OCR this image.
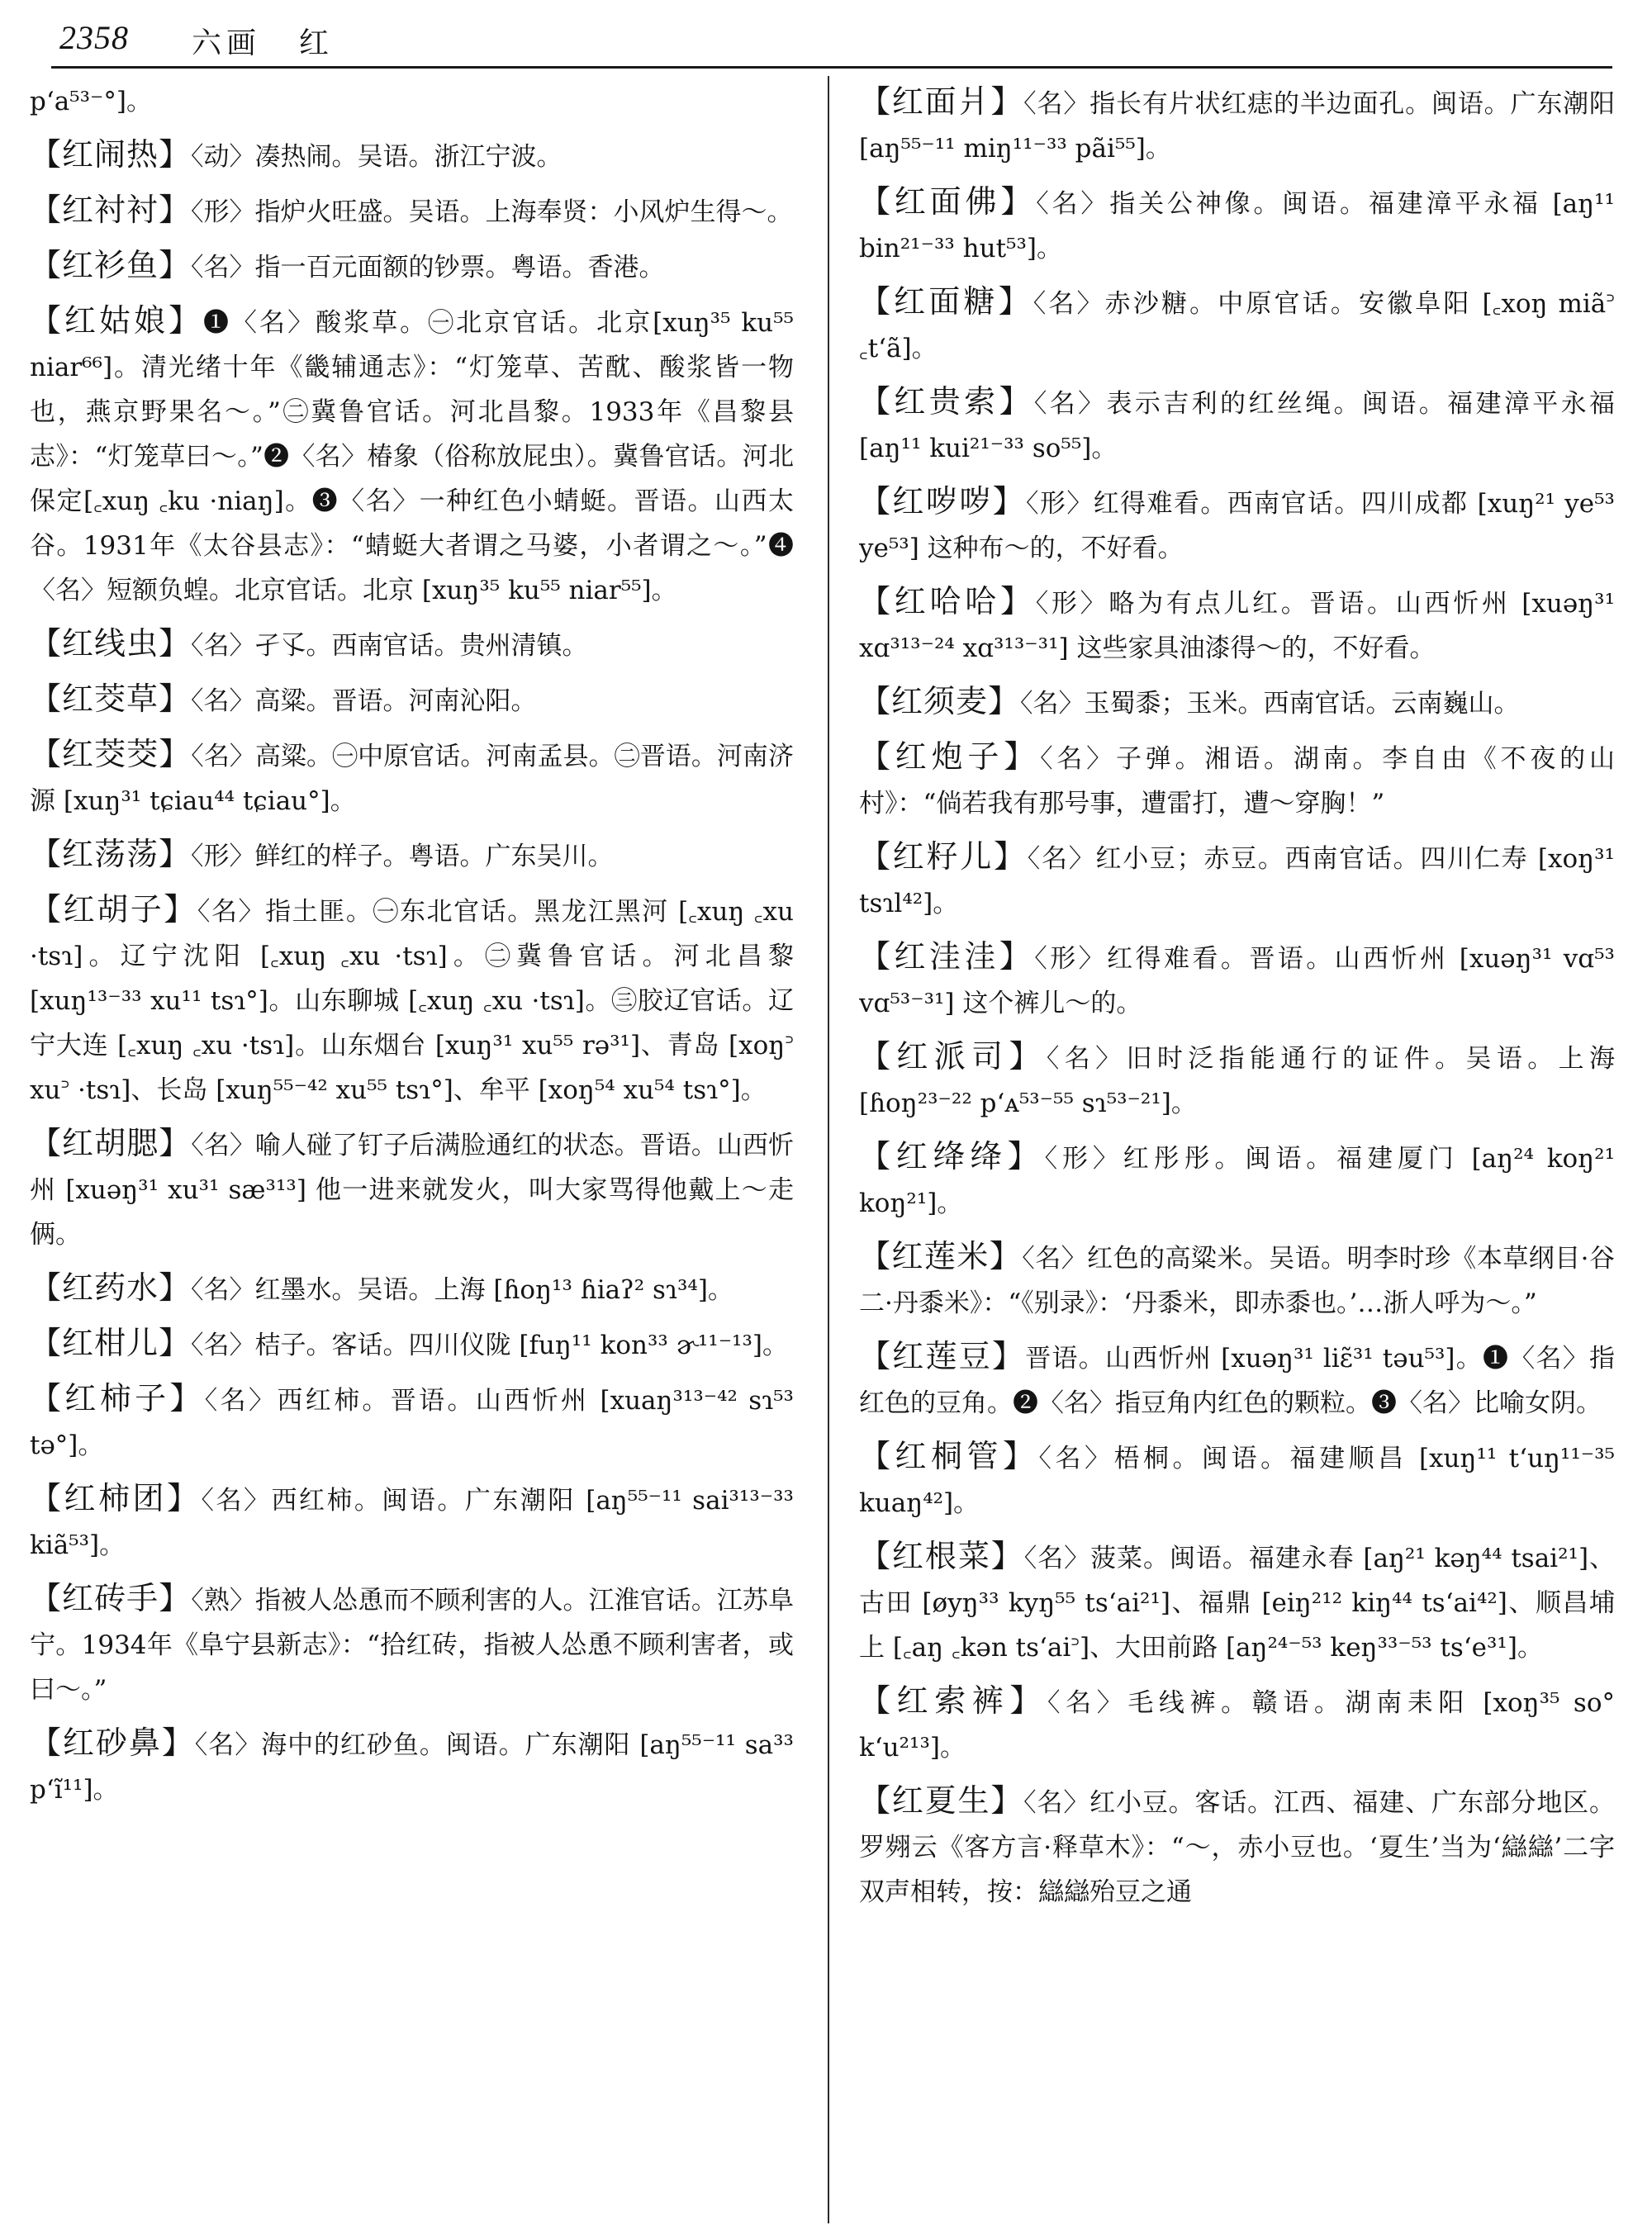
2358 六画 红
p‘a⁵³⁻°]。
【红闹热】〈动〉凑热闹。吴语。浙江宁波。
【红衬衬】〈形〉指炉火旺盛。吴语。上海奉贤：小风炉生得～。
【红衫鱼】〈名〉指一百元面额的钞票。粤语。香港。
【红姑娘】❶〈名〉酸浆草。㊀北京官话。北京[xuŋ³⁵ ku⁵⁵ niar⁶⁶]。清光绪十年《畿辅通志》：“灯笼草、苦酖、酸浆皆一物也，燕京野果名～。”㊁冀鲁官话。河北昌黎。1933年《昌黎县志》：“灯笼草曰～。”❷〈名〉椿象（俗称放屁虫）。冀鲁官话。河北保定[꜀xuŋ ꜀ku ·niaŋ]。❸〈名〉一种红色小蜻蜓。晋语。山西太谷。1931年《太谷县志》：“蜻蜓大者谓之马婆，小者谓之～。”❹〈名〉短额负蝗。北京官话。北京 [xuŋ³⁵ ku⁵⁵ niar⁵⁵]。
【红线虫】〈名〉孑孓。西南官话。贵州清镇。
【红茭草】〈名〉高粱。晋语。河南沁阳。
【红茭茭】〈名〉高粱。㊀中原官话。河南孟县。㊁晋语。河南济源 [xuŋ³¹ tɕiau⁴⁴ tɕiau°]。
【红荡荡】〈形〉鲜红的样子。粤语。广东吴川。
【红胡子】〈名〉指土匪。㊀东北官话。黑龙江黑河 [꜀xuŋ ꜀xu ·tsɿ]。辽宁沈阳 [꜀xuŋ ꜀xu ·tsɿ]。㊁冀鲁官话。河北昌黎 [xuŋ¹³⁻³³ xu¹¹ tsɿ°]。山东聊城 [꜀xuŋ ꜀xu ·tsɿ]。㊂胶辽官话。辽宁大连 [꜀xuŋ ꜀xu ·tsɿ]。山东烟台 [xuŋ³¹ xu⁵⁵ rə³¹]、青岛 [xoŋ꜄ xu꜄ ·tsɿ]、长岛 [xuŋ⁵⁵⁻⁴² xu⁵⁵ tsɿ°]、牟平 [xoŋ⁵⁴ xu⁵⁴ tsɿ°]。
【红胡腮】〈名〉喻人碰了钉子后满脸通红的状态。晋语。山西忻州 [xuəŋ³¹ xu³¹ sæ³¹³] 他一进来就发火，叫大家骂得他戴上～走俩。
【红药水】〈名〉红墨水。吴语。上海 [ɦoŋ¹³ ɦiaʔ² sɿ³⁴]。
【红柑儿】〈名〉桔子。客话。四川仪陇 [fuŋ¹¹ kon³³ ɚ¹¹⁻¹³]。
【红柿子】〈名〉西红柿。晋语。山西忻州 [xuaŋ³¹³⁻⁴² sɿ⁵³ tə°]。
【红柿团】〈名〉西红柿。闽语。广东潮阳 [aŋ⁵⁵⁻¹¹ sai³¹³⁻³³ kiã⁵³]。
【红砖手】〈熟〉指被人怂恿而不顾利害的人。江淮官话。江苏阜宁。1934年《阜宁县新志》：“拾红砖，指被人怂恿不顾利害者，或曰～。”
【红砂鼻】〈名〉海中的红砂鱼。闽语。广东潮阳 [aŋ⁵⁵⁻¹¹ sa³³ p‘ĩ¹¹]。
【红面爿】〈名〉指长有片状红痣的半边面孔。闽语。广东潮阳 [aŋ⁵⁵⁻¹¹ miŋ¹¹⁻³³ pãi⁵⁵]。
【红面佛】〈名〉指关公神像。闽语。福建漳平永福 [aŋ¹¹ bin²¹⁻³³ hut⁵³]。
【红面糖】〈名〉赤沙糖。中原官话。安徽阜阳 [꜀xoŋ miã꜄ ꜀t‘ã]。
【红贵索】〈名〉表示吉利的红丝绳。闽语。福建漳平永福 [aŋ¹¹ kui²¹⁻³³ so⁵⁵]。
【红哕哕】〈形〉红得难看。西南官话。四川成都 [xuŋ²¹ ye⁵³ ye⁵³] 这种布～的，不好看。
【红哈哈】〈形〉略为有点儿红。晋语。山西忻州 [xuəŋ³¹ xɑ³¹³⁻²⁴ xɑ³¹³⁻³¹] 这些家具油漆得～的，不好看。
【红须麦】〈名〉玉蜀黍；玉米。西南官话。云南巍山。
【红炮子】〈名〉子弹。湘语。湖南。李自由《不夜的山村》：“倘若我有那号事，遭雷打，遭～穿胸！”
【红籽儿】〈名〉红小豆；赤豆。西南官话。四川仁寿 [xoŋ³¹ tsɿl⁴²]。
【红洼洼】〈形〉红得难看。晋语。山西忻州 [xuəŋ³¹ vɑ⁵³ vɑ⁵³⁻³¹] 这个裤儿～的。
【红派司】〈名〉旧时泛指能通行的证件。吴语。上海 [ɦoŋ²³⁻²² p‘ᴀ⁵³⁻⁵⁵ sɿ⁵³⁻²¹]。
【红绛绛】〈形〉红彤彤。闽语。福建厦门 [aŋ²⁴ koŋ²¹ koŋ²¹]。
【红莲米】〈名〉红色的高粱米。吴语。明李时珍《本草纲目·谷二·丹黍米》：“《别录》：‘丹黍米，即赤黍也。’…浙人呼为～。”
【红莲豆】晋语。山西忻州 [xuəŋ³¹ liɛ̃³¹ təu⁵³]。❶〈名〉指红色的豆角。❷〈名〉指豆角内红色的颗粒。❸〈名〉比喻女阴。
【红桐管】〈名〉梧桐。闽语。福建顺昌 [xuŋ¹¹ t‘uŋ¹¹⁻³⁵ kuaŋ⁴²]。
【红根菜】〈名〉菠菜。闽语。福建永春 [aŋ²¹ kəŋ⁴⁴ tsai²¹]、古田 [øyŋ³³ kyŋ⁵⁵ ts‘ai²¹]、福鼎 [eiŋ²¹² kiŋ⁴⁴ ts‘ai⁴²]、顺昌埔上 [꜀aŋ ꜀kən ts‘ai꜄]、大田前路 [aŋ²⁴⁻⁵³ keŋ³³⁻⁵³ ts‘e³¹]。
【红索裤】〈名〉毛线裤。赣语。湖南耒阳 [xoŋ³⁵ so° k‘u²¹³]。
【红夏生】〈名〉红小豆。客话。江西、福建、广东部分地区。罗翙云《客方言·释草木》：“～，赤小豆也。‘夏生’当为‘䜌䜌’二字双声相转，按：䜌䜌殆豆之通
